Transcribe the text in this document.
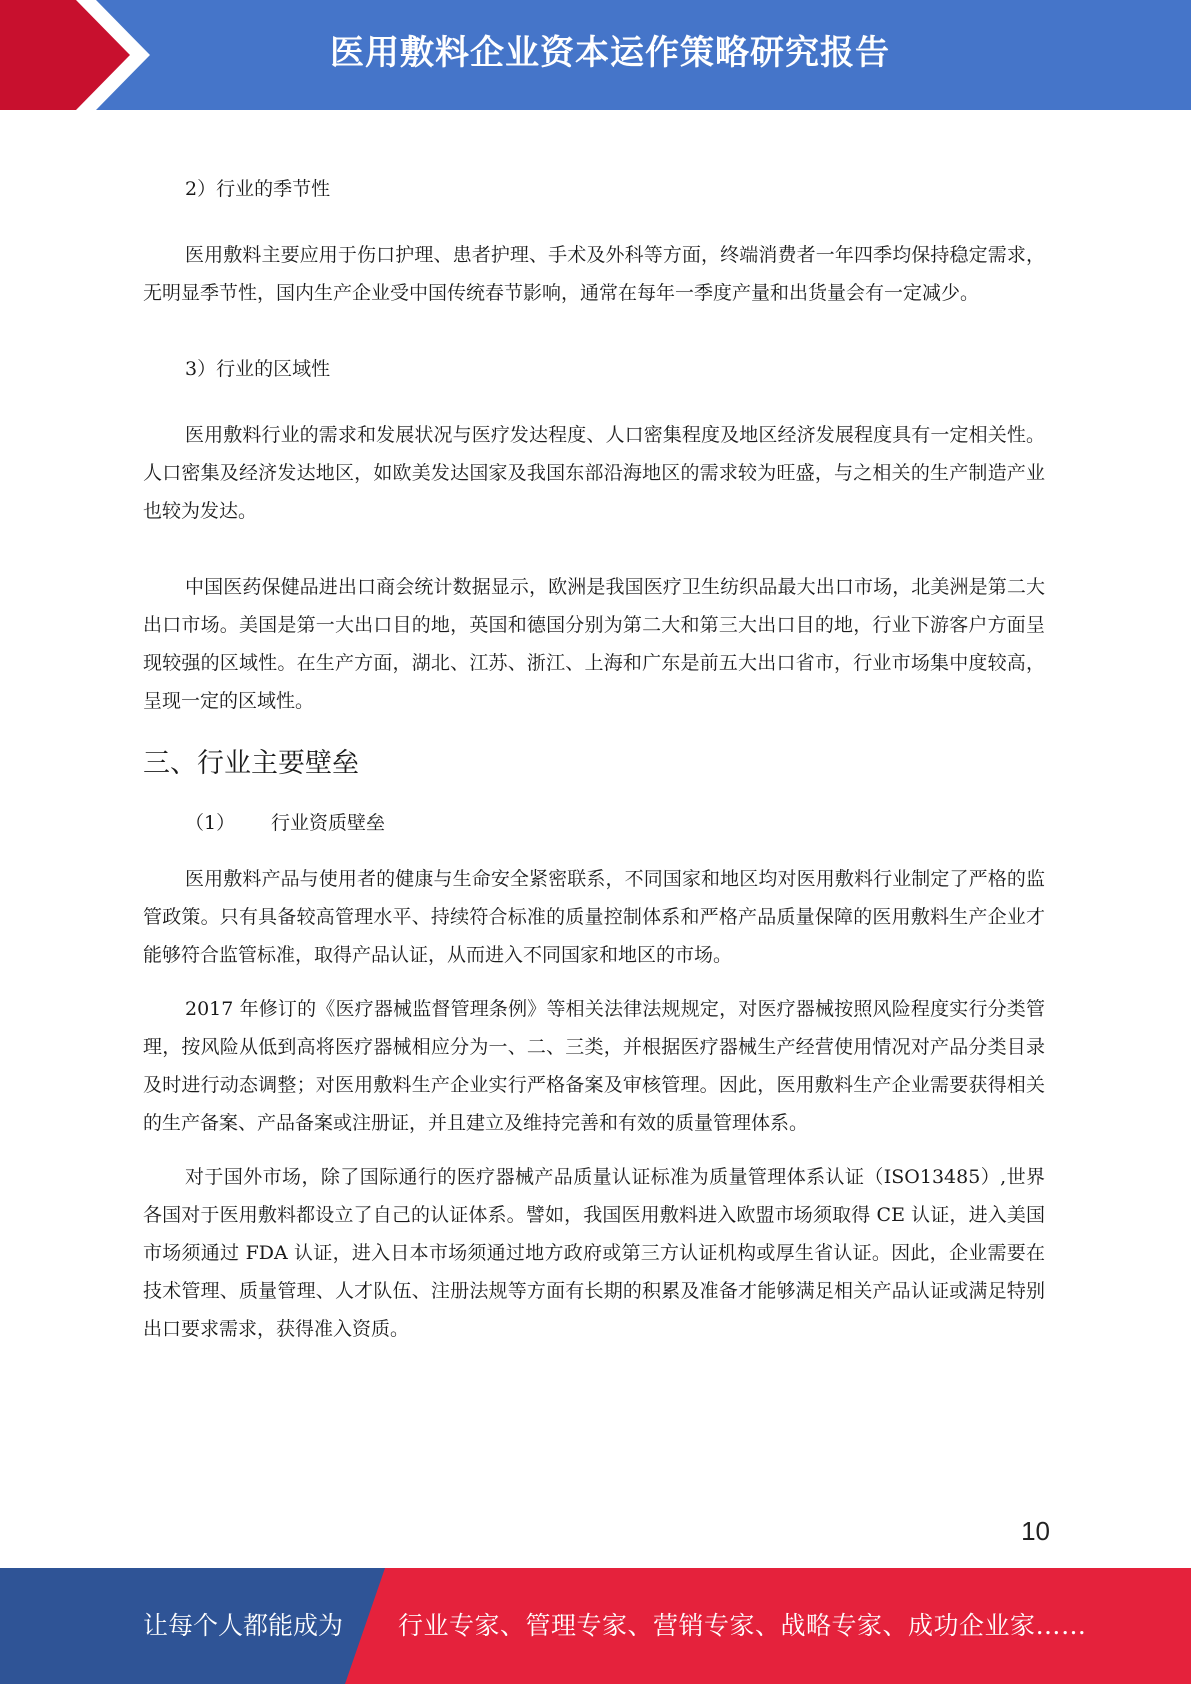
医用敷料企业资本运作策略研究报告

2）行业的季节性

医用敷料主要应用于伤口护理、患者护理、手术及外科等方面，终端消费者一年四季均保持稳定需求，无明显季节性，国内生产企业受中国传统春节影响，通常在每年一季度产量和出货量会有一定减少。

3）行业的区域性

医用敷料行业的需求和发展状况与医疗发达程度、人口密集程度及地区经济发展程度具有一定相关性。人口密集及经济发达地区，如欧美发达国家及我国东部沿海地区的需求较为旺盛，与之相关的生产制造产业也较为发达。

中国医药保健品进出口商会统计数据显示，欧洲是我国医疗卫生纺织品最大出口市场，北美洲是第二大出口市场。美国是第一大出口目的地，英国和德国分别为第二大和第三大出口目的地，行业下游客户方面呈现较强的区域性。在生产方面，湖北、江苏、浙江、上海和广东是前五大出口省市，行业市场集中度较高，呈现一定的区域性。

三、行业主要壁垒

（1） 行业资质壁垒

医用敷料产品与使用者的健康与生命安全紧密联系，不同国家和地区均对医用敷料行业制定了严格的监管政策。只有具备较高管理水平、持续符合标准的质量控制体系和严格产品质量保障的医用敷料生产企业才能够符合监管标准，取得产品认证，从而进入不同国家和地区的市场。

2017 年修订的《医疗器械监督管理条例》等相关法律法规规定，对医疗器械按照风险程度实行分类管理，按风险从低到高将医疗器械相应分为一、二、三类，并根据医疗器械生产经营使用情况对产品分类目录及时进行动态调整；对医用敷料生产企业实行严格备案及审核管理。因此，医用敷料生产企业需要获得相关的生产备案、产品备案或注册证，并且建立及维持完善和有效的质量管理体系。

对于国外市场，除了国际通行的医疗器械产品质量认证标准为质量管理体系认证（ISO13485）,世界各国对于医用敷料都设立了自己的认证体系。譬如，我国医用敷料进入欧盟市场须取得 CE 认证，进入美国市场须通过 FDA 认证，进入日本市场须通过地方政府或第三方认证机构或厚生省认证。因此，企业需要在技术管理、质量管理、人才队伍、注册法规等方面有长期的积累及准备才能够满足相关产品认证或满足特别出口要求需求，获得准入资质。

10
让每个人都能成为 行业专家、管理专家、营销专家、战略专家、成功企业家……
